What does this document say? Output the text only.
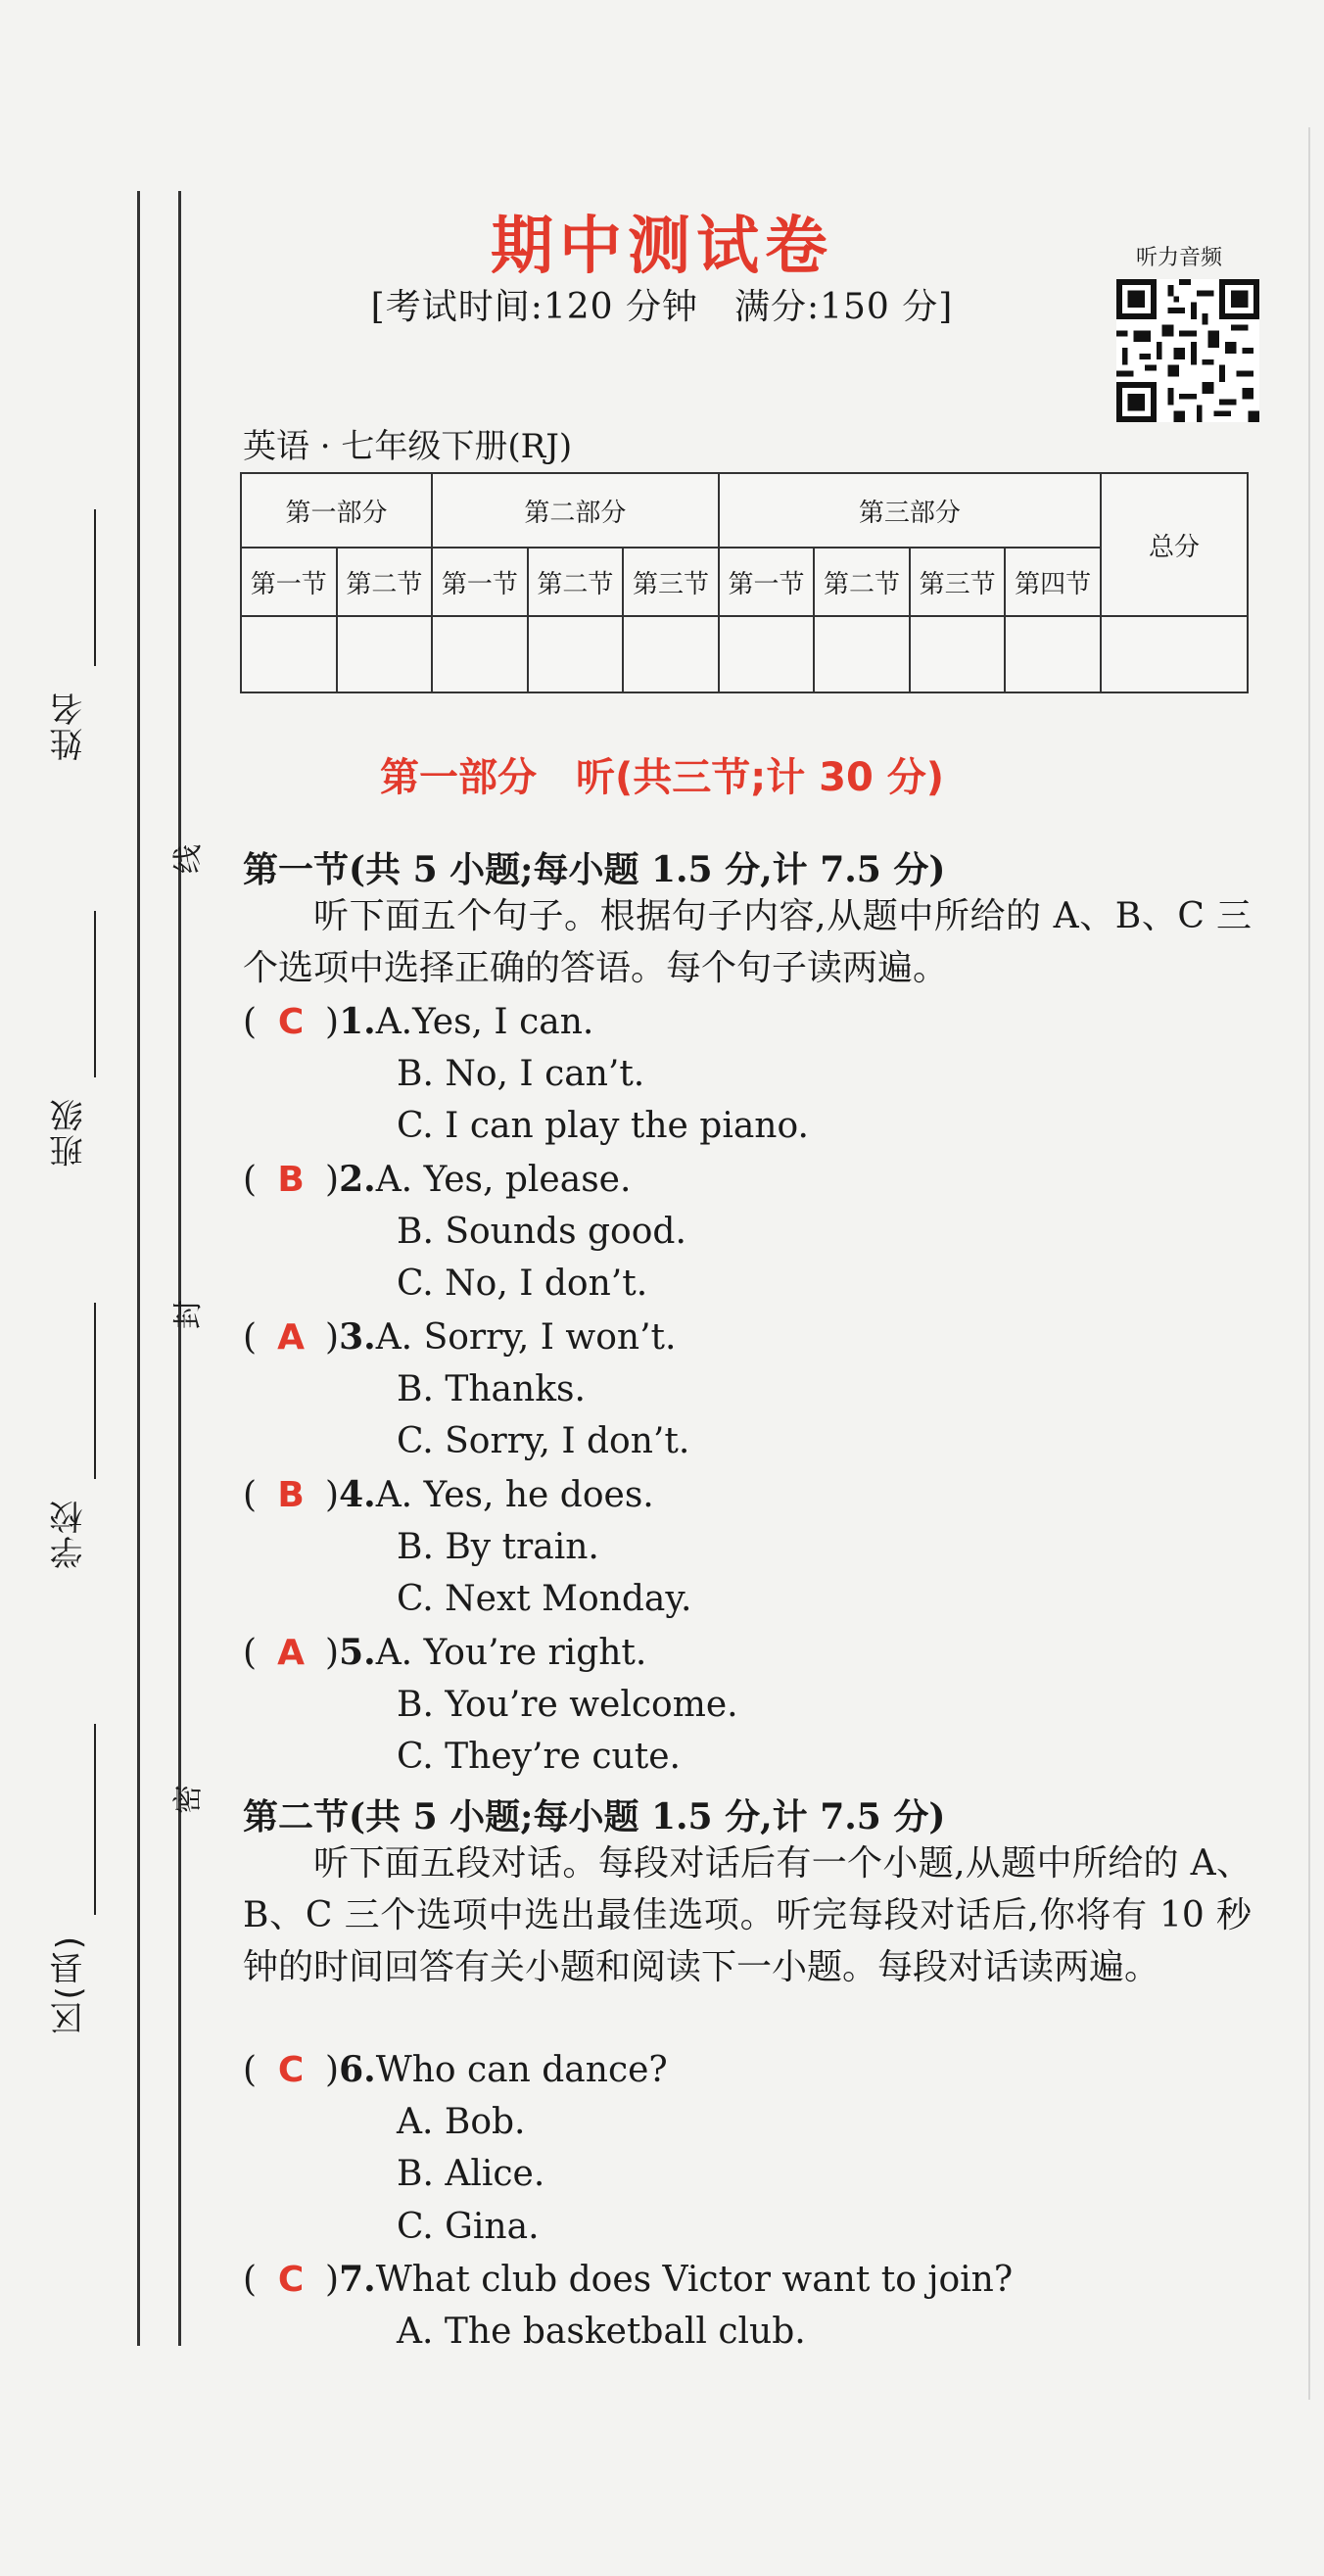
姓名
班级
学校
区(县)
线
封
密
期中测试卷
[考试时间:120 分钟　满分:150 分]
听力音频
英语 · 七年级下册(RJ)
第一部分		第二部分			第三部分				总分
第一节	第二节	第一节	第二节	第三节	第一节	第二节	第三节	第四节	

第一部分　听(共三节;计 30 分)
第一节(共 5 小题;每小题 1.5 分,计 7.5 分)
听下面五个句子。根据句子内容,从题中所给的 A、B、C 三个选项中选择正确的答语。每个句子读两遍。
( C )1.A.Yes, I can.
B. No, I can’t.
C. I can play the piano.
( B )2.A. Yes, please.
B. Sounds good.
C. No, I don’t.
( A )3.A. Sorry, I won’t.
B. Thanks.
C. Sorry, I don’t.
( B )4.A. Yes, he does.
B. By train.
C. Next Monday.
( A )5.A. You’re right.
B. You’re welcome.
C. They’re cute.
( C )6.Who can dance?
A. Bob.
B. Alice.
C. Gina.
( C )7.What club does Victor want to join?
A. The basketball club.
第二节(共 5 小题;每小题 1.5 分,计 7.5 分)
听下面五段对话。每段对话后有一个小题,从题中所给的 A、B、C 三个选项中选出最佳选项。听完每段对话后,你将有 10 秒钟的时间回答有关小题和阅读下一小题。每段对话读两遍。
